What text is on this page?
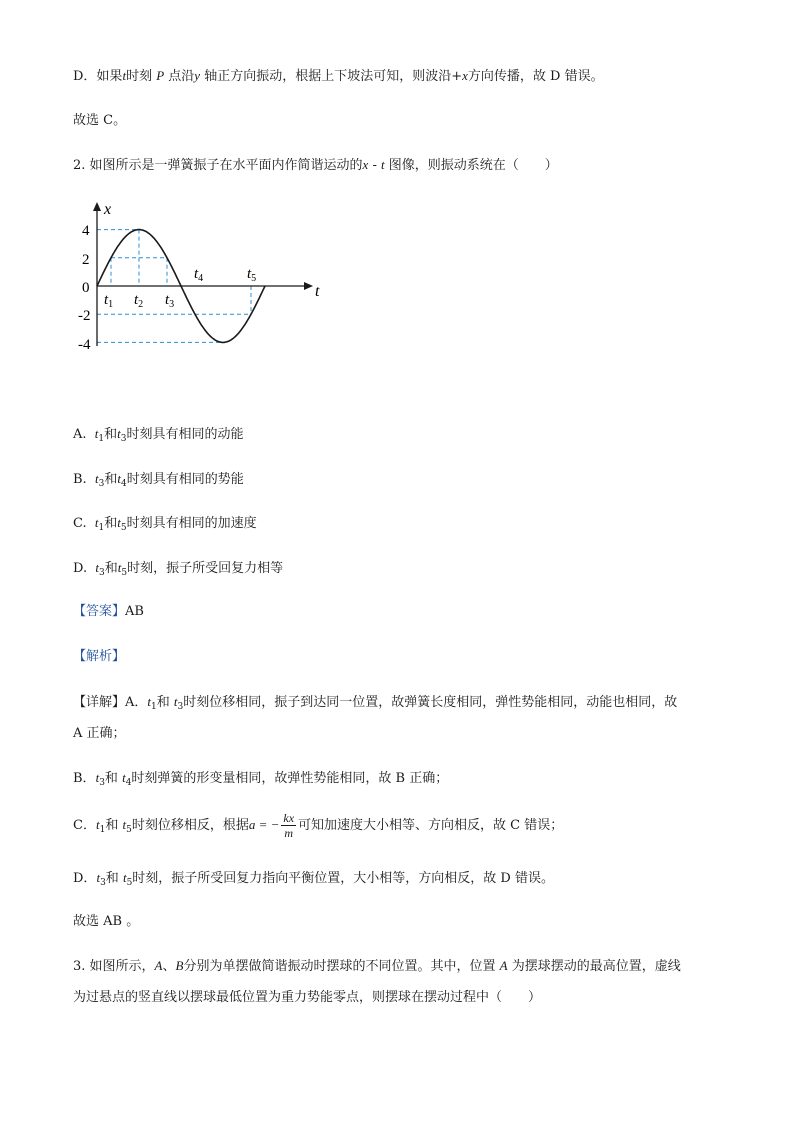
D．如果t时刻 P 点沿y 轴正方向振动，根据上下坡法可知，则波沿+x方向传播，故 D 错误。
故选 C。
2. 如图所示是一弹簧振子在水平面内作简谐运动的x - t 图像，则振动系统在（　　）
x
t
4
2
0
-2
-4
$t_1$ $t_2$ $t_3$
$t_4$	$t_5$
A. $t_1$和$t_3$时刻具有相同的动能
B. $t_3$和$t_4$时刻具有相同的势能
C. $t_1$和$t_5$时刻具有相同的加速度
D. $t_3$和$t_5$时刻，振子所受回复力相等
【答案】AB
【解析】
【详解】A．$t_1$和 $t_3$时刻位移相同，振子到达同一位置，故弹簧长度相同，弹性势能相同，动能也相同，故
A 正确；
B．$t_3$和 $t_4$时刻弹簧的形变量相同，故弹性势能相同，故 B 正确；
C．$t_1$和 $t_5$时刻位移相反，根据a = − $\frac{kx}{m}$ 可知加速度大小相等、方向相反，故 C 错误；
D．$t_3$和 $t_5$时刻，振子所受回复力指向平衡位置，大小相等，方向相反，故 D 错误。
故选 AB 。
3. 如图所示，A、B分别为单摆做简谐振动时摆球的不同位置。其中，位置 A 为摆球摆动的最高位置，虚线
为过悬点的竖直线以摆球最低位置为重力势能零点，则摆球在摆动过程中（　　）
